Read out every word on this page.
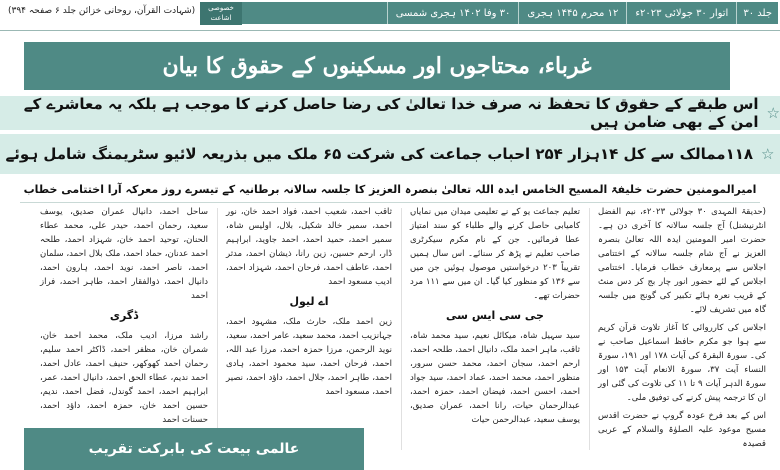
جلد ۳۰
اتوار ۳۰ جولائی ۲۰۲۳ء
۱۲ محرم ۱۴۴۵ ہجری
۳۰ وفا ۱۴۰۲ ہجری شمسی
خصوصی اشاعت
(شہادت القرآن، روحانی خزائن جلد ۶ صفحہ ۳۹۴)
غرباء، محتاجوں اور مسکینوں کے حقوق کا بیان
☆
اس طبقے کے حقوق کا تحفظ نہ صرف خدا تعالیٰ کی رضا حاصل کرنے کا موجب ہے بلکہ یہ معاشرے کے امن کے بھی ضامن ہیں
☆
۱۱۸ممالک سے کل ۱۴ہزار ۲۵۴ احباب جماعت کی شرکت ۶۵ ملک میں بذریعہ لائیو سٹریمنگ شامل ہوئے
امیرالمومنین حضرت خلیفۃ المسیح الخامس ایدہ اللہ تعالیٰ بنصرہ العزیز کا جلسہ سالانہ برطانیہ کے تیسرے روز معرکہ آرا اختتامی خطاب

(حدیقۃ المہدی ۳۰ جولائی ۲۰۲۳ء، نیم الفضل انٹرنیشنل) آج جلسہ سالانہ کا آخری دن ہے۔ حضرت امیر المومنین ایدہ اللہ تعالیٰ بنصرہ العزیز نے آج شام جلسہ سالانہ کے اختتامی اجلاس سے پرمعارف خطاب فرمایا۔ اختتامی اجلاس کے لئے حضور انور چار بج کر دس منٹ کے قریب نعرہ ہائے تکبیر کی گونج میں جلسہ گاہ میں تشریف لائے۔

اجلاس کی کارروائی کا آغاز تلاوت قرآن کریم سے ہوا جو مکرم حافظ اسماعیل صاحب نے کی۔ سورۃ البقرۃ کی آیات ۱۷۸ اور ۱۹۱، سورۃ النساء آیت ۳۷، سورۃ الانعام آیت ۱۵۳ اور سورۃ الدہر آیات ۹ تا ۱۱ کی تلاوت کی گئی اور ان کا ترجمہ پیش کرنے کی توفیق ملی۔

اس کے بعد فرخ عودہ گروپ نے حضرت اقدس مسیح موعود علیہ الصلوٰۃ والسلام کے عربی قصیدہ

تعلیم جماعت یو کے نے تعلیمی میدان میں نمایاں کامیابی حاصل کرنے والے طلباء کو سند امتیاز عطا فرمائیں۔ جن کے نام مکرم سیکرٹری صاحب تعلیم نے پڑھ کر سنائے۔ اس سال ہمیں تقریباً ۲۰۳ درخواستیں موصول ہوئیں جن میں سے ۱۳۶ کو منظور کیا گیا۔ ان میں سے ۱۱۱ مرد حضرات تھے۔

جی سی ایس سی

سید سہیل شاہ، میکائل نعیم، سید محمد شاہ، ثاقب، ماہر احمد ملک، دانیال احمد، طلحہ احمد، ارحم احمد، سجان احمد، محمد حسن سرور، منظور احمد، محمد احمد، عماد احمد، سید جواد احمد، احسن احمد، فیضان احمد، حمزہ احمد، عبدالرحمان حیات، رانا احمد، عمران صدیق، یوسف سعید، عبدالرحمن حیات

ثاقب احمد، شعیب احمد، فواد احمد خان، نور احمد، سمیر خالد شکیل، بلال، اولیس شاہ، سمیر احمد، حمید احمد، احمد جاوید، ابراہیم ڈار، ارحم حسین، زین رانا، ذیشان احمد، مدثر احمد، عاطف احمد، فرحان احمد، شہزاد احمد، ادیب مسعود احمد

اے لیول

زین احمد ملک، حارث ملک، مشہود احمد، جہانزیب احمد، محمد سعید، عامر احمد، سعید، نوید الرحمن، مرزا حمزہ احمد، مرزا عبد اللہ، احمد، فرحان احمد، سید محمود احمد، ہادی احمد، طاہر احمد، جلال احمد، داؤد احمد، نصیر احمد، مسعود احمد

ساحل احمد، دانیال عمران صدیق، یوسف سعید، رحمان احمد، حیدر علی، محمد عطاء الحنان، توحید احمد خان، شہزاد احمد، طلحہ احمد عدنان، حماد احمد، ملک بلال احمد، سلمان احمد، ناصر احمد، نوید احمد، ہارون احمد، دانیال احمد، ذوالفقار احمد، طاہر احمد، فراز احمد

ڈگری

راشد مرزا، ادیب ملک، محمد احمد خان، شمران خان، مظفر احمد، ڈاکٹر احمد سلیم، رحمان احمد کھوکھر، حنیف احمد، عادل احمد، احمد ندیم، عطاء الحق احمد، دانیال احمد، عمر، ابراہیم احمد، احمد گوندل، فضل احمد، ندیم، حسین احمد خان، حمزہ احمد، داؤد احمد، حسنات احمد

عالمی بیعت کی بابرکت تقریب
